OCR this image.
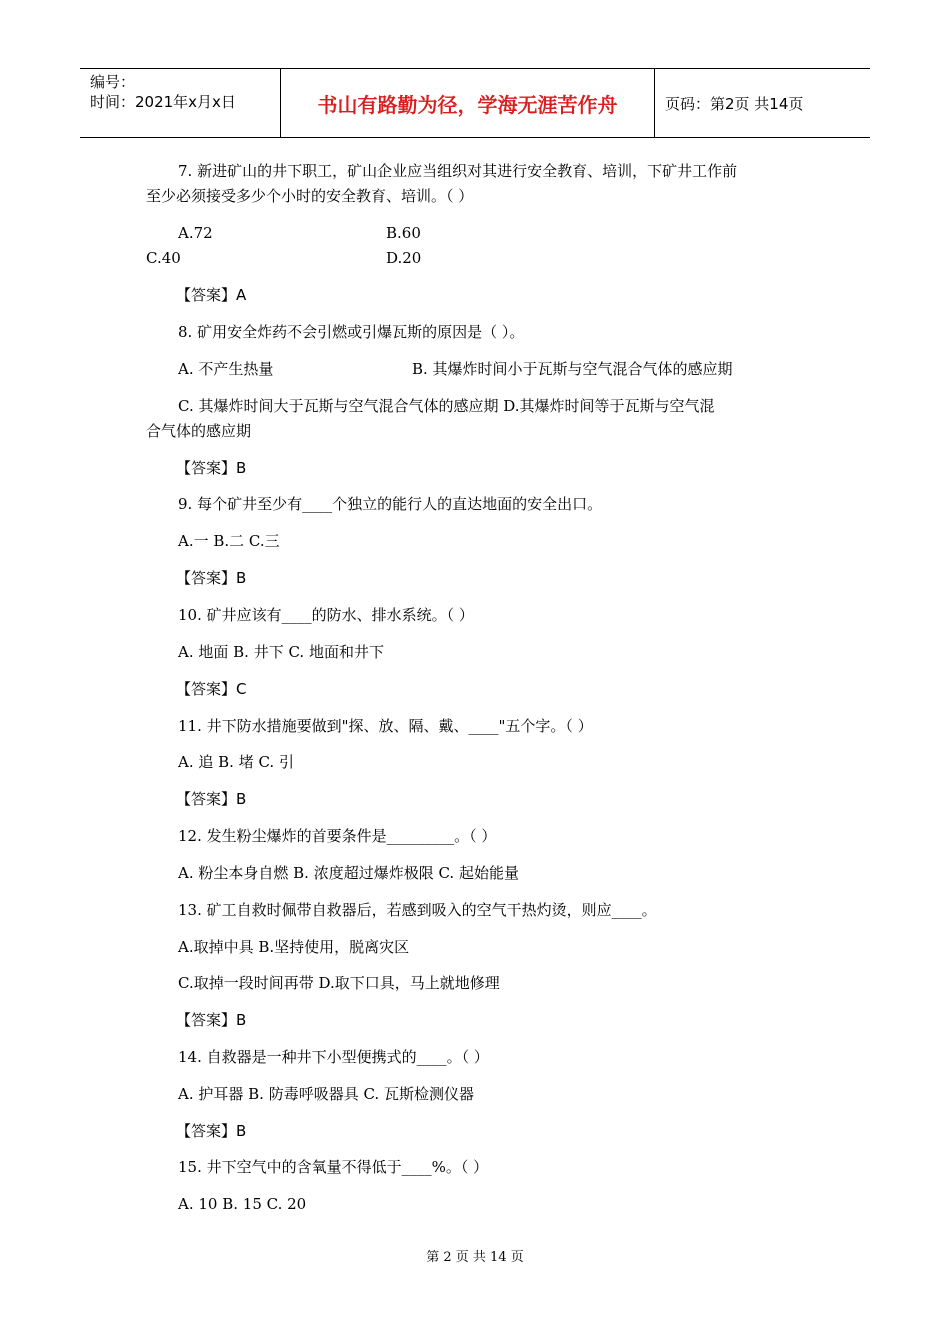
编号：
时间：2021年x月x日	书山有路勤为径，学海无涯苦作舟	页码：第2页 共14页
7. 新进矿山的井下职工，矿山企业应当组织对其进行安全教育、培训，下矿井工作前
至少必须接受多少个小时的安全教育、培训。（ ）
A.72	B.60
C.40	D.20
【答案】A
8. 矿用安全炸药不会引燃或引爆瓦斯的原因是（ ）。
A. 不产生热量	B. 其爆炸时间小于瓦斯与空气混合气体的感应期
C. 其爆炸时间大于瓦斯与空气混合气体的感应期 D.其爆炸时间等于瓦斯与空气混
合气体的感应期
【答案】B
9. 每个矿井至少有____个独立的能行人的直达地面的安全出口。
A.一 B.二 C.三
【答案】B
10. 矿井应该有____的防水、排水系统。（ ）
A. 地面 B. 井下 C. 地面和井下
【答案】C
11. 井下防水措施要做到"探、放、隔、戴、____"五个字。（ ）
A. 追 B. 堵 C. 引
【答案】B
12. 发生粉尘爆炸的首要条件是_________。（ ）
A. 粉尘本身自燃 B. 浓度超过爆炸极限 C. 起始能量
13. 矿工自救时佩带自救器后，若感到吸入的空气干热灼烫，则应____。
A.取掉中具 B.坚持使用，脱离灾区
C.取掉一段时间再带 D.取下口具，马上就地修理
【答案】B
14. 自救器是一种井下小型便携式的____。（ ）
A. 护耳器 B. 防毒呼吸器具 C. 瓦斯检测仪器
【答案】B
15. 井下空气中的含氧量不得低于____%。（ ）
A. 10 B. 15 C. 20
第 2 页 共 14 页
